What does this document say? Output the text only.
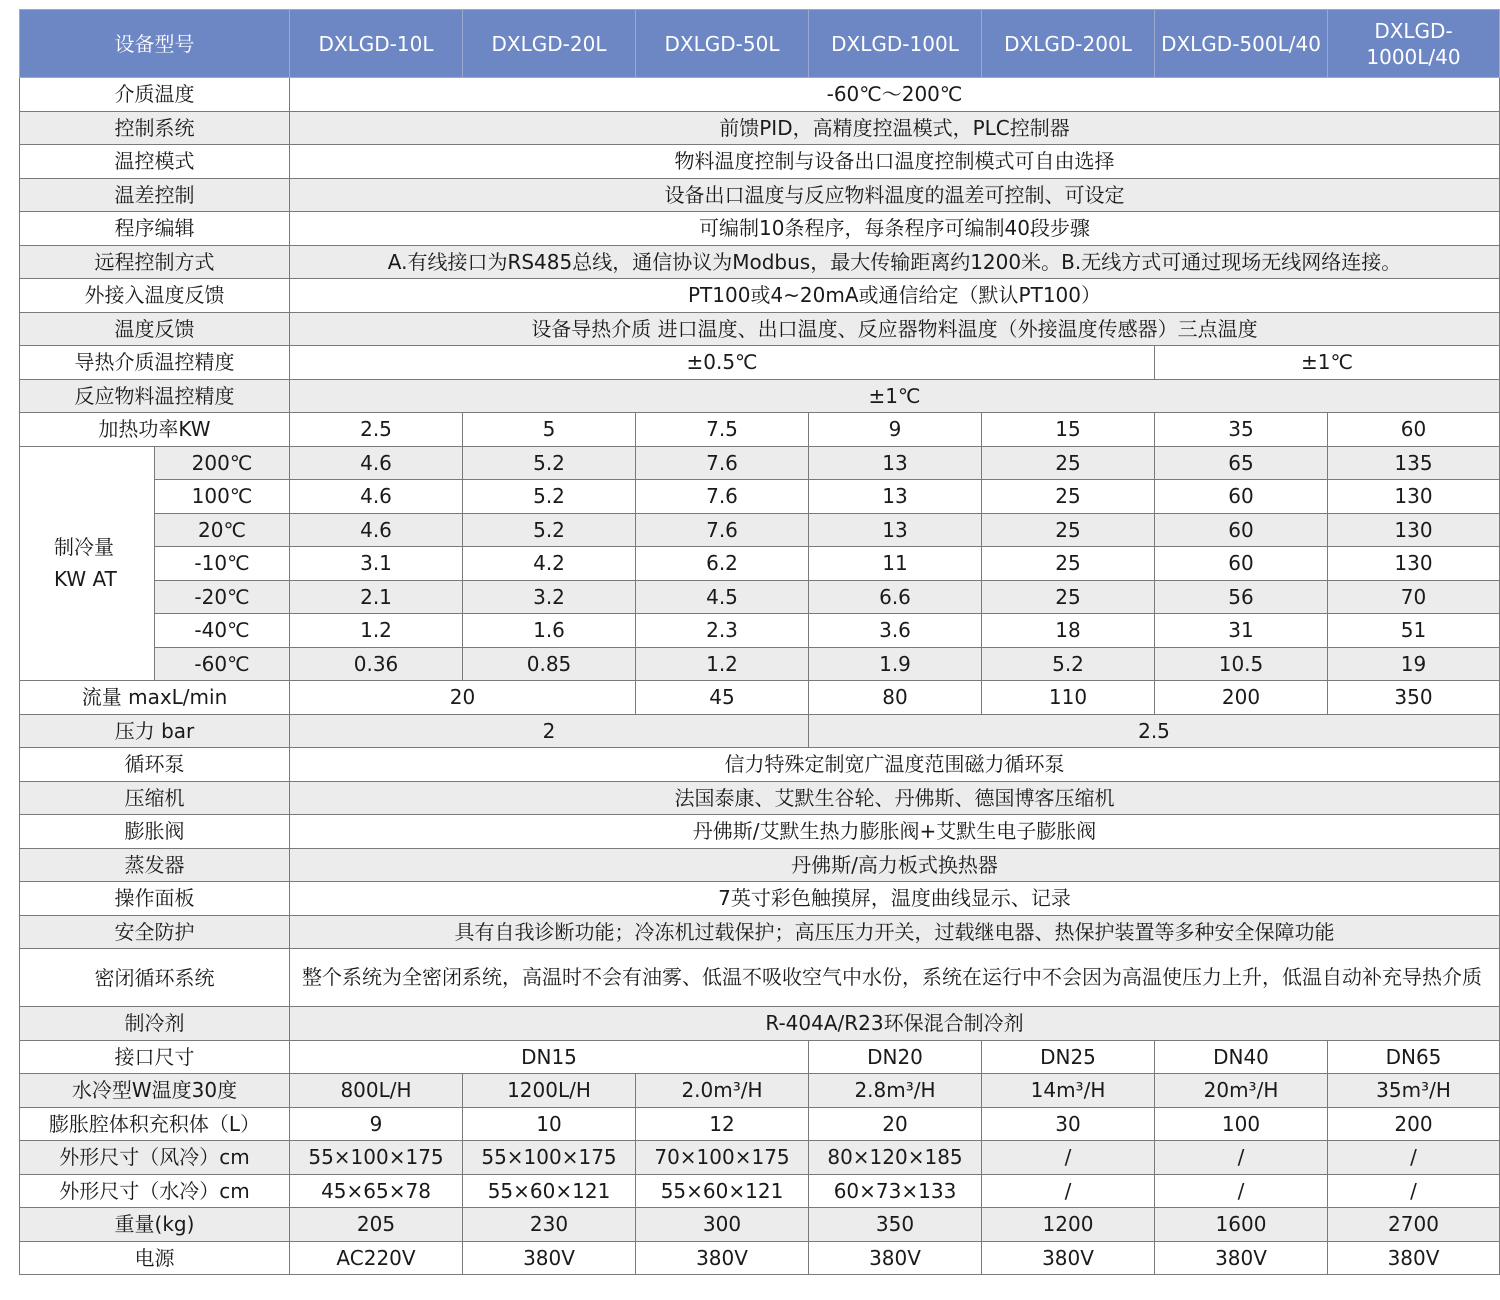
设备型号		DXLGD-10L	DXLGD-20L	DXLGD-50L	DXLGD-100L	DXLGD-200L	DXLGD-500L/40	DXLGD-1000L/40
介质温度		-60℃～200℃						
控制系统		前馈PID，高精度控温模式，PLC控制器						
温控模式		物料温度控制与设备出口温度控制模式可自由选择						
温差控制		设备出口温度与反应物料温度的温差可控制、可设定						
程序编辑		可编制10条程序，每条程序可编制40段步骤						
远程控制方式		A.有线接口为RS485总线，通信协议为Modbus，最大传输距离约1200米。B.无线方式可通过现场无线网络连接。						
外接入温度反馈		PT100或4~20mA或通信给定（默认PT100）						
温度反馈		设备导热介质 进口温度、出口温度、反应器物料温度（外接温度传感器）三点温度						
导热介质温控精度		±0.5℃					±1℃	
反应物料温控精度		±1℃						
加热功率KW		2.5	5	7.5	9	15	35	60
制冷量
KW AT	200℃	4.6	5.2	7.6	13	25	65	135
	100℃	4.6	5.2	7.6	13	25	60	130
	20℃	4.6	5.2	7.6	13	25	60	130
	-10℃	3.1	4.2	6.2	11	25	60	130
	-20℃	2.1	3.2	4.5	6.6	25	56	70
	-40℃	1.2	1.6	2.3	3.6	18	31	51
	-60℃	0.36	0.85	1.2	1.9	5.2	10.5	19
流量 maxL/min		20		45	80	110	200	350
压力 bar		2			2.5			
循环泵		信力特殊定制宽广温度范围磁力循环泵						
压缩机		法国泰康、艾默生谷轮、丹佛斯、德国博客压缩机						
膨胀阀		丹佛斯/艾默生热力膨胀阀+艾默生电子膨胀阀						
蒸发器		丹佛斯/高力板式换热器						
操作面板		7英寸彩色触摸屏，温度曲线显示、记录						
安全防护		具有自我诊断功能；冷冻机过载保护；高压压力开关，过载继电器、热保护装置等多种安全保障功能						
密闭循环系统		整个系统为全密闭系统，高温时不会有油雾、低温不吸收空气中水份，系统在运行中不会因为高温使压力上升，低温自动补充导热介质						
制冷剂		R-404A/R23环保混合制冷剂						
接口尺寸		DN15			DN20	DN25	DN40	DN65
水冷型W温度30度		800L/H	1200L/H	2.0m³/H	2.8m³/H	14m³/H	20m³/H	35m³/H
膨胀腔体积充积体（L）		9	10	12	20	30	100	200
外形尺寸（风冷）cm		55×100×175	55×100×175	70×100×175	80×120×185	/	/	/
外形尺寸（水冷）cm		45×65×78	55×60×121	55×60×121	60×73×133	/	/	/
重量(kg)		205	230	300	350	1200	1600	2700
电源		AC220V	380V	380V	380V	380V	380V	380V
